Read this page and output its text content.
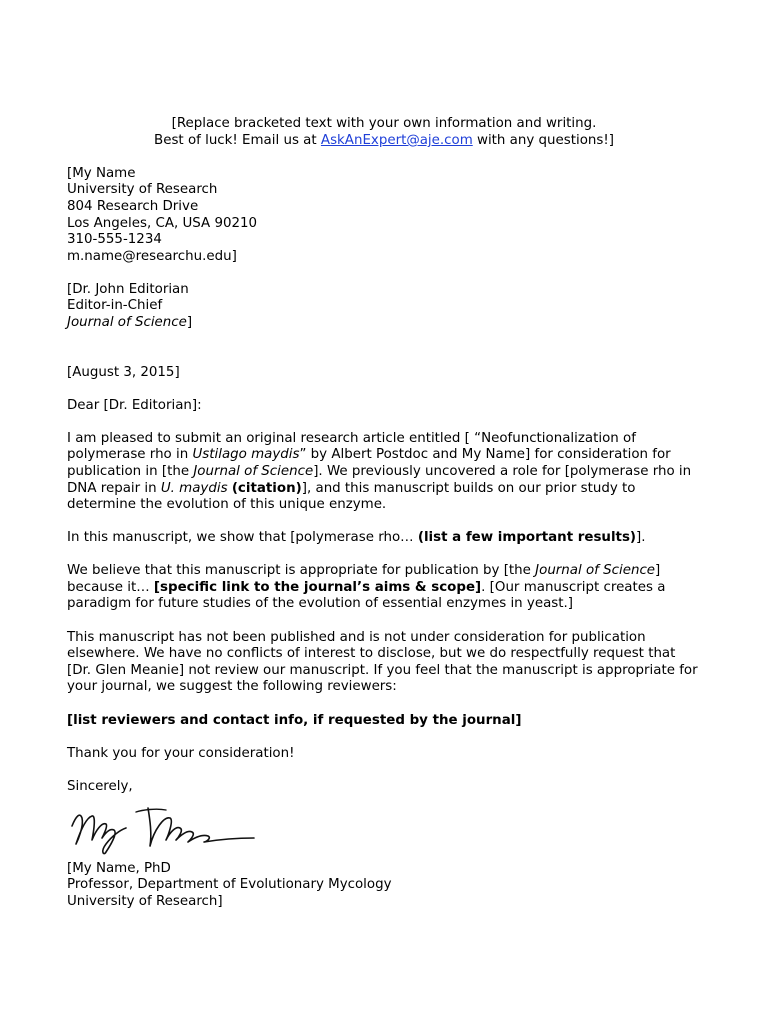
[Replace bracketed text with your own information and writing.
Best of luck! Email us at AskAnExpert@aje.com with any questions!]
[My Name
University of Research
804 Research Drive
Los Angeles, CA, USA 90210
310-555-1234
m.name@researchu.edu]
[Dr. John Editorian
Editor-in-Chief
Journal of Science]
[August 3, 2015]
Dear [Dr. Editorian]:
I am pleased to submit an original research article entitled [ “Neofunctionalization of
polymerase rho in Ustilago maydis” by Albert Postdoc and My Name] for consideration for
publication in [the Journal of Science]. We previously uncovered a role for [polymerase rho in
DNA repair in U. maydis (citation)], and this manuscript builds on our prior study to
determine the evolution of this unique enzyme.
In this manuscript, we show that [polymerase rho… (list a few important results)].
We believe that this manuscript is appropriate for publication by [the Journal of Science]
because it… [specific link to the journal’s aims & scope]. [Our manuscript creates a
paradigm for future studies of the evolution of essential enzymes in yeast.]
This manuscript has not been published and is not under consideration for publication
elsewhere. We have no conflicts of interest to disclose, but we do respectfully request that
[Dr. Glen Meanie] not review our manuscript. If you feel that the manuscript is appropriate for
your journal, we suggest the following reviewers:
[list reviewers and contact info, if requested by the journal]
Thank you for your consideration!
Sincerely,
[My Name, PhD
Professor, Department of Evolutionary Mycology
University of Research]
